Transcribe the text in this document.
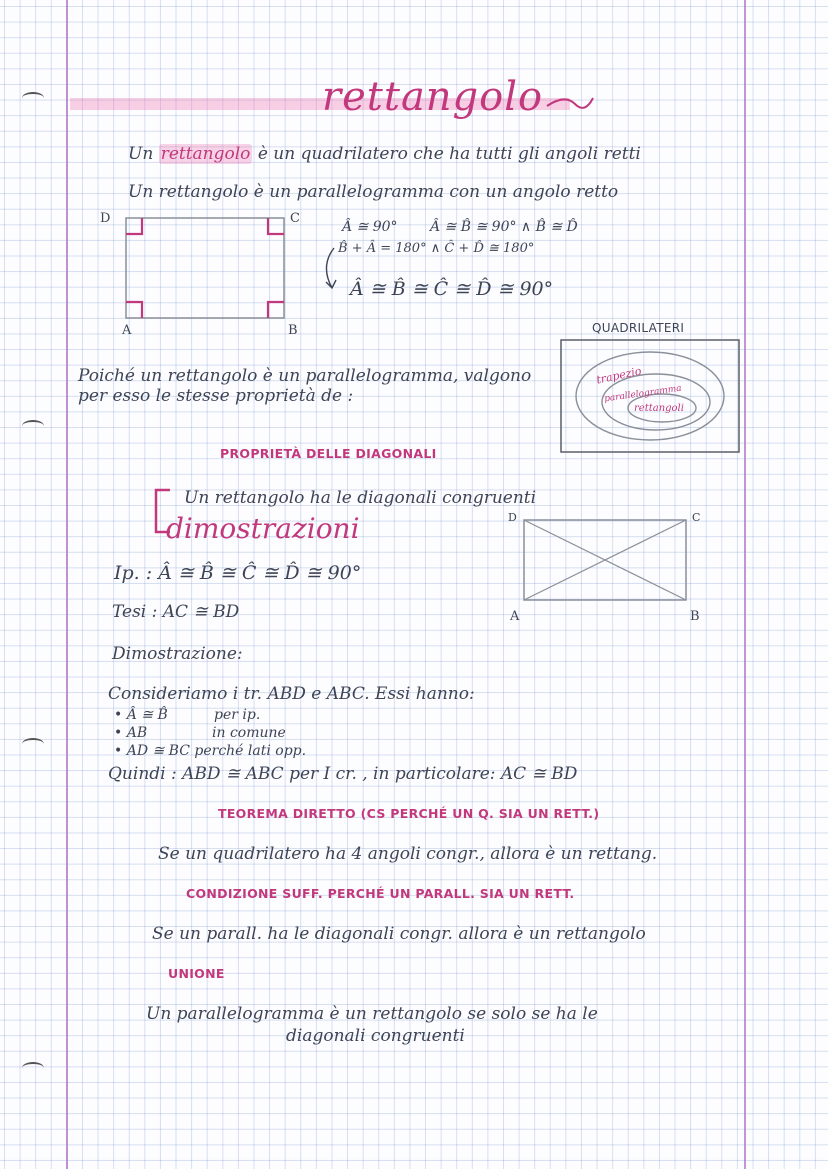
rettangolo
Un rettangolo è un quadrilatero che ha tutti gli angoli retti
Un rettangolo è un parallelogramma con un angolo retto
D	C
A	B
Â ≅ 90° Â ≅ B̂ ≅ 90° ∧ B̂ ≅ D̂
B̂ + Â = 180° ∧ Ĉ + D̂ ≅ 180°
Â ≅ B̂ ≅ Ĉ ≅ D̂ ≅ 90°
QUADRILATERI
trapezio
parallelogramma
rettangoli
Poiché un rettangolo è un parallelogramma, valgono
per esso le stesse proprietà de :
PROPRIETÀ DELLE DIAGONALI
Un rettangolo ha le diagonali congruenti
dimostrazioni	D	C
A	B
Ip. : Â ≅ B̂ ≅ Ĉ ≅ D̂ ≅ 90°
Tesi : AC ≅ BD
Dimostrazione:
Consideriamo i tr. ABD e ABC. Essi hanno:
• Â ≅ B̂	per ip.
• AB	in comune
• AD ≅ BC perché lati opp.
Quindi : ABD ≅ ABC per I cr. , in particolare: AC ≅ BD
TEOREMA DIRETTO (CS PERCHÉ UN Q. SIA UN RETT.)
Se un quadrilatero ha 4 angoli congr., allora è un rettang.
CONDIZIONE SUFF. PERCHÉ UN PARALL. SIA UN RETT.
Se un parall. ha le diagonali congr. allora è un rettangolo
UNIONE
Un parallelogramma è un rettangolo se solo se ha le
diagonali congruenti
